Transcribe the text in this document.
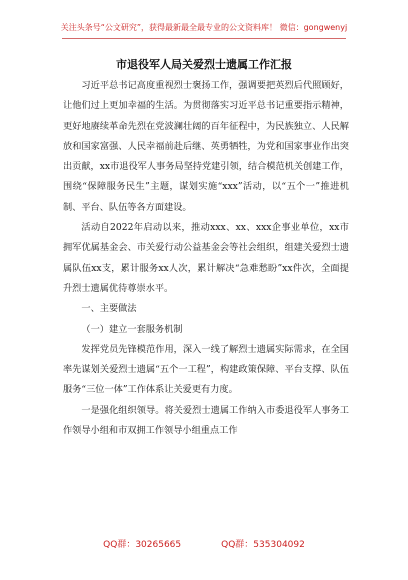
关注头条号“公文研究”，获得最新最全最专业的公文资料库！ 微信：gongwenyj
市退役军人局关爱烈士遗属工作汇报

习近平总书记高度重视烈士褒扬工作，强调要把英烈后代照顾好，让他们过上更加幸福的生活。为贯彻落实习近平总书记重要指示精神，更好地赓续革命先烈在党波澜壮阔的百年征程中，为民族独立、人民解放和国家富强、人民幸福前赴后继、英勇牺牲，为党和国家事业作出突出贡献，xx市退役军人事务局坚持党建引领，结合模范机关创建工作，围绕“保障服务民生”主题，谋划实施“xxx”活动，以“五个一”推进机制、平台、队伍等各方面建设。

活动自2022年启动以来，推动xxx、xx、xxx企事业单位，xx市拥军优属基金会、市关爱行动公益基金会等社会组织，组建关爱烈士遗属队伍xx支，累计服务xx人次，累计解决“急难愁盼”xx件次，全面提升烈士遗属优待尊崇水平。

一、主要做法

（一）建立一套服务机制

发挥党员先锋模范作用，深入一线了解烈士遗属实际需求，在全国率先谋划关爱烈士遗属“五个一工程”，构建政策保障、平台支撑、队伍服务“三位一体”工作体系让关爱更有力度。

一是强化组织领导。将关爱烈士遗属工作纳入市委退役军人事务工作领导小组和市双拥工作领导小组重点工作

QQ群：30265665	QQ群：535304092
